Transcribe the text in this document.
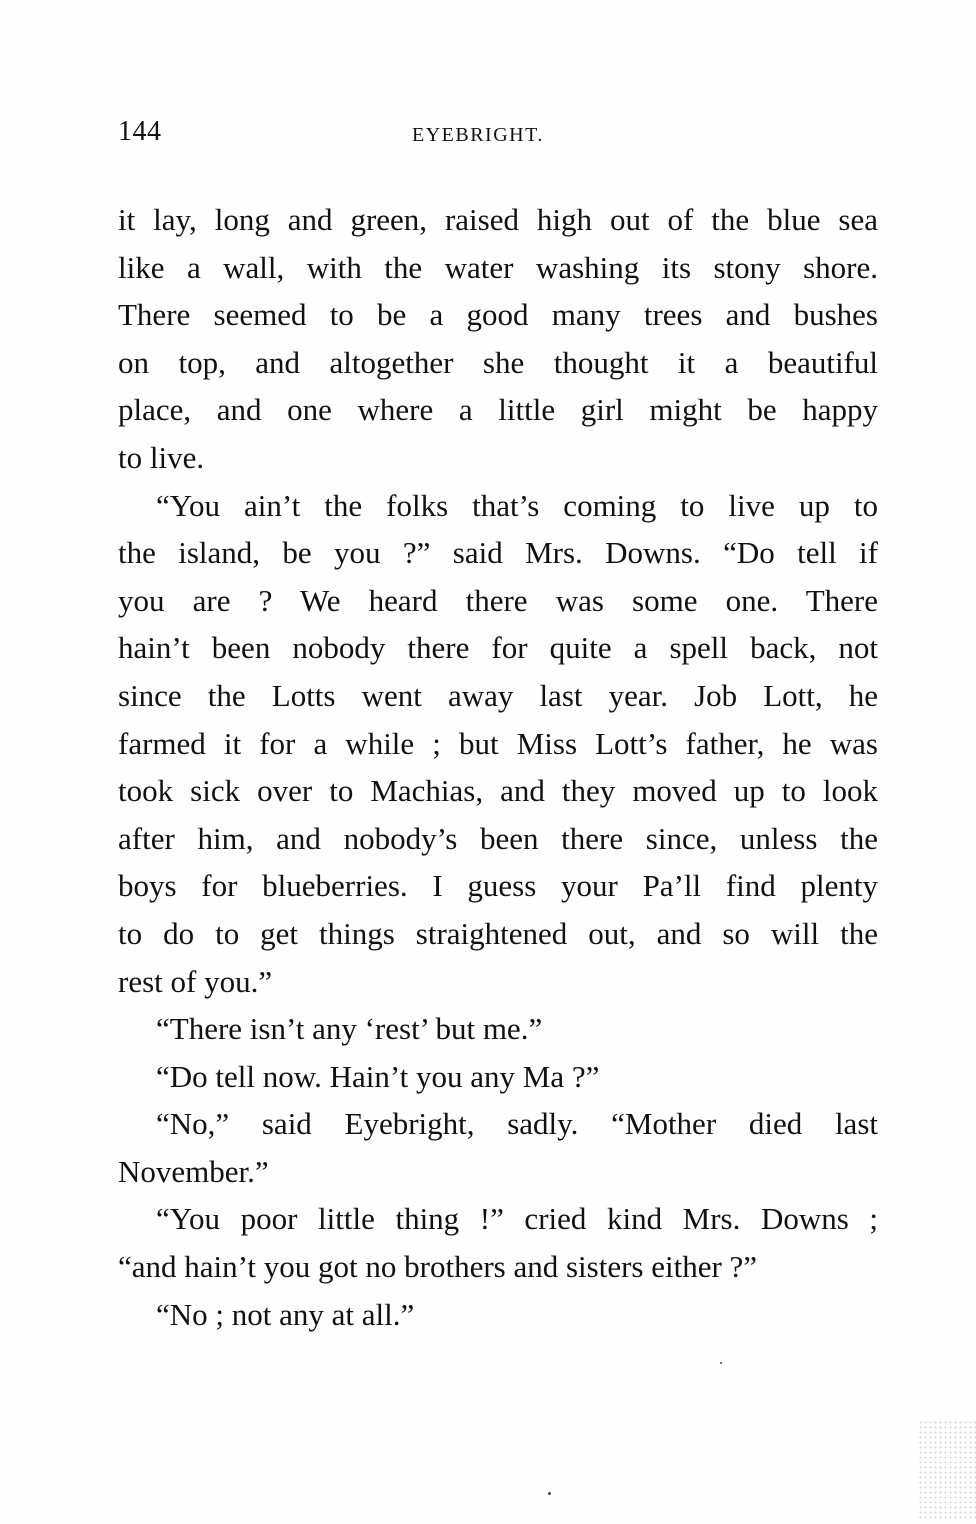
144	EYEBRIGHT.
it lay, long and green, raised high out of the blue sea
like a wall, with the water washing its stony shore.
There seemed to be a good many trees and bushes
on top, and altogether she thought it a beautiful
place, and one where a little girl might be happy
to live.
“You ain’t the folks that’s coming to live up to
the island, be you ?” said Mrs. Downs. “Do tell if
you are ? We heard there was some one. There
hain’t been nobody there for quite a spell back, not
since the Lotts went away last year. Job Lott, he
farmed it for a while ; but Miss Lott’s father, he was
took sick over to Machias, and they moved up to look
after him, and nobody’s been there since, unless the
boys for blueberries. I guess your Pa’ll find plenty
to do to get things straightened out, and so will the
rest of you.”
“There isn’t any ‘rest’ but me.”
“Do tell now. Hain’t you any Ma ?”
“No,” said Eyebright, sadly. “Mother died last
November.”
“You poor little thing !” cried kind Mrs. Downs ;
“and hain’t you got no brothers and sisters either ?”
“No ; not any at all.”
